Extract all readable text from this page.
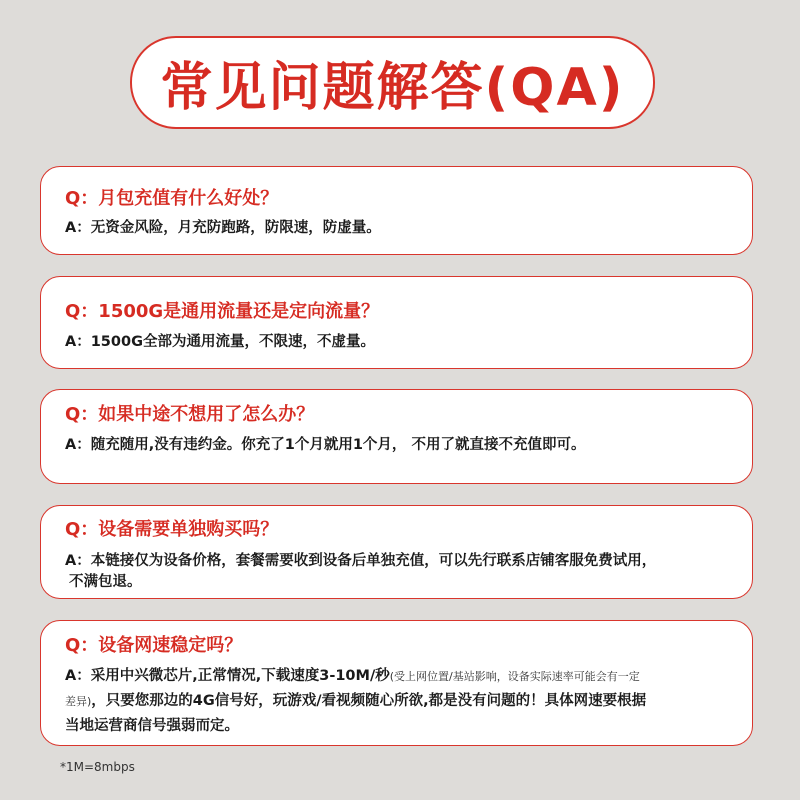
常见问题解答(QA)
Q：月包充值有什么好处？
A：无资金风险，月充防跑路，防限速，防虚量。
Q：1500G是通用流量还是定向流量？
A：1500G全部为通用流量，不限速，不虚量。
Q：如果中途不想用了怎么办？
A：随充随用,没有违约金。你充了1个月就用1个月， 不用了就直接不充值即可。
Q：设备需要单独购买吗？
A：本链接仅为设备价格，套餐需要收到设备后单独充值，可以先行联系店铺客服免费试用，
不满包退。
Q：设备网速稳定吗？
A：采用中兴微芯片,正常情况,下载速度3-10M/秒(受上网位置/基站影响，设备实际速率可能会有一定
差异)，只要您那边的4G信号好，玩游戏/看视频随心所欲,都是没有问题的！具体网速要根据
当地运营商信号强弱而定。
*1M=8mbps
